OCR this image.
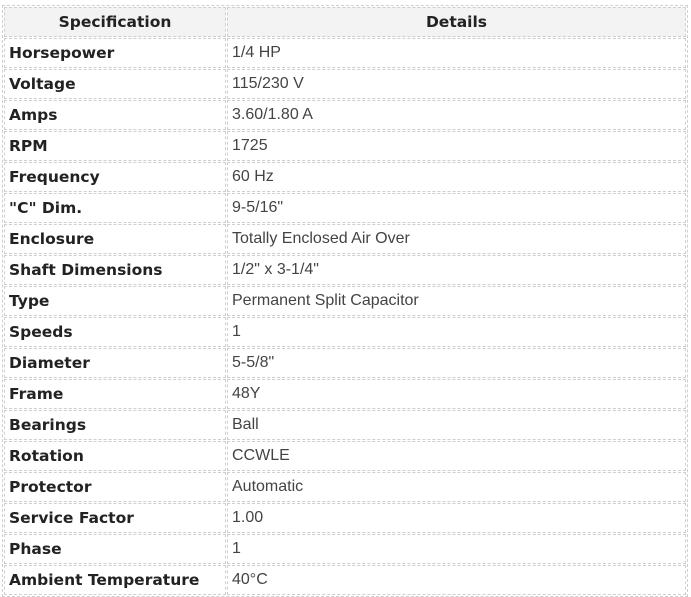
Specification	Details
Horsepower	1/4 HP
Voltage	115/230 V
Amps	3.60/1.80 A
RPM	1725
Frequency	60 Hz
"C" Dim.	9-5/16"
Enclosure	Totally Enclosed Air Over
Shaft Dimensions	1/2" x 3-1/4"
Type	Permanent Split Capacitor
Speeds	1
Diameter	5-5/8"
Frame	48Y
Bearings	Ball
Rotation	CCWLE
Protector	Automatic
Service Factor	1.00
Phase	1
Ambient Temperature	40°C
